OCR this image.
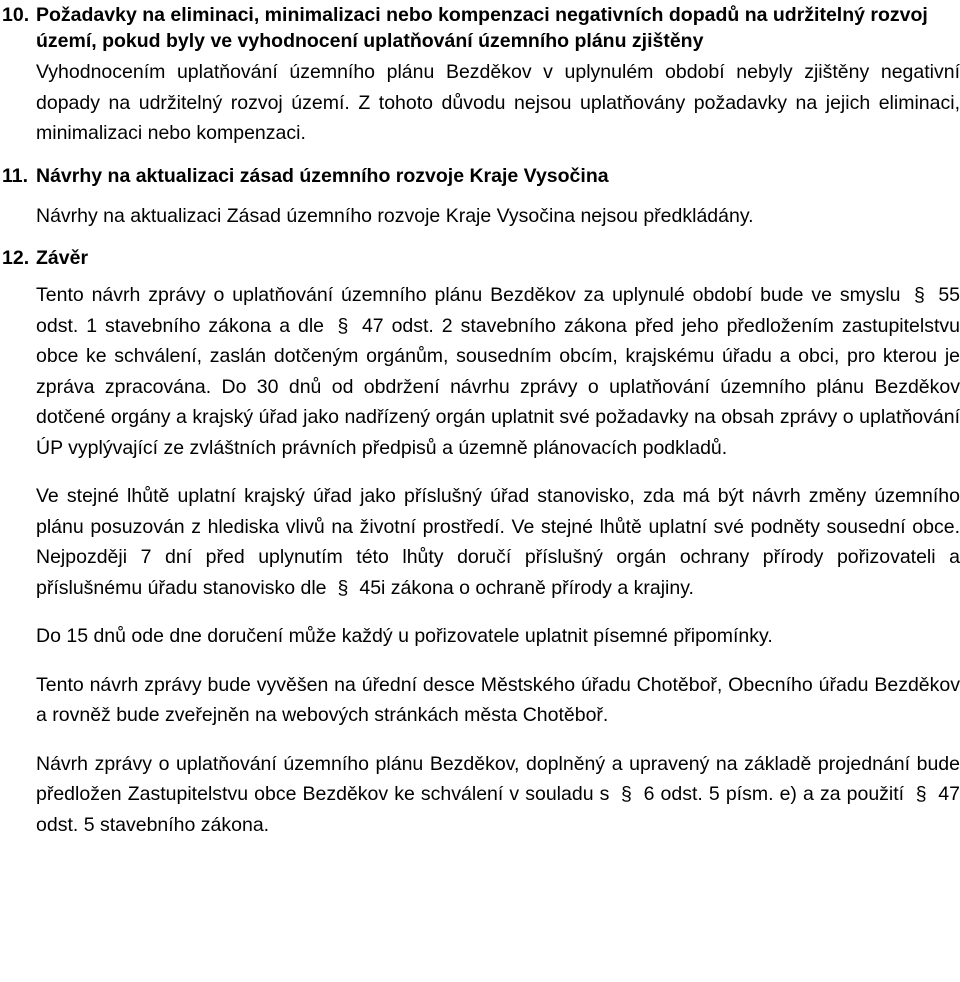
10. Požadavky na eliminaci, minimalizaci nebo kompenzaci negativních dopadů na udržitelný rozvoj území, pokud byly ve vyhodnocení uplatňování územního plánu zjištěny

Vyhodnocením uplatňování územního plánu Bezděkov v uplynulém období nebyly zjištěny negativní dopady na udržitelný rozvoj území. Z tohoto důvodu nejsou uplatňovány požadavky na jejich eliminaci, minimalizaci nebo kompenzaci.

11. Návrhy na aktualizaci zásad územního rozvoje Kraje Vysočina

Návrhy na aktualizaci Zásad územního rozvoje Kraje Vysočina nejsou předkládány.

12. Závěr

Tento návrh zprávy o uplatňování územního plánu Bezděkov za uplynulé období bude ve smyslu § 55 odst. 1 stavebního zákona a dle § 47 odst. 2 stavebního zákona před jeho předložením zastupitelstvu obce ke schválení, zaslán dotčeným orgánům, sousedním obcím, krajskému úřadu a obci, pro kterou je zpráva zpracována. Do 30 dnů od obdržení návrhu zprávy o uplatňování územního plánu Bezděkov dotčené orgány a krajský úřad jako nadřízený orgán uplatnit své požadavky na obsah zprávy o uplatňování ÚP vyplývající ze zvláštních právních předpisů a územně plánovacích podkladů.

Ve stejné lhůtě uplatní krajský úřad jako příslušný úřad stanovisko, zda má být návrh změny územního plánu posuzován z hlediska vlivů na životní prostředí. Ve stejné lhůtě uplatní své podněty sousední obce. Nejpozději 7 dní před uplynutím této lhůty doručí příslušný orgán ochrany přírody pořizovateli a příslušnému úřadu stanovisko dle § 45i zákona o ochraně přírody a krajiny.

Do 15 dnů ode dne doručení může každý u pořizovatele uplatnit písemné připomínky.

Tento návrh zprávy bude vyvěšen na úřední desce Městského úřadu Chotěboř, Obecního úřadu Bezděkov a rovněž bude zveřejněn na webových stránkách města Chotěboř.

Návrh zprávy o uplatňování územního plánu Bezděkov, doplněný a upravený na základě projednání bude předložen Zastupitelstvu obce Bezděkov ke schválení v souladu s § 6 odst. 5 písm. e) a za použití § 47 odst. 5 stavebního zákona.
